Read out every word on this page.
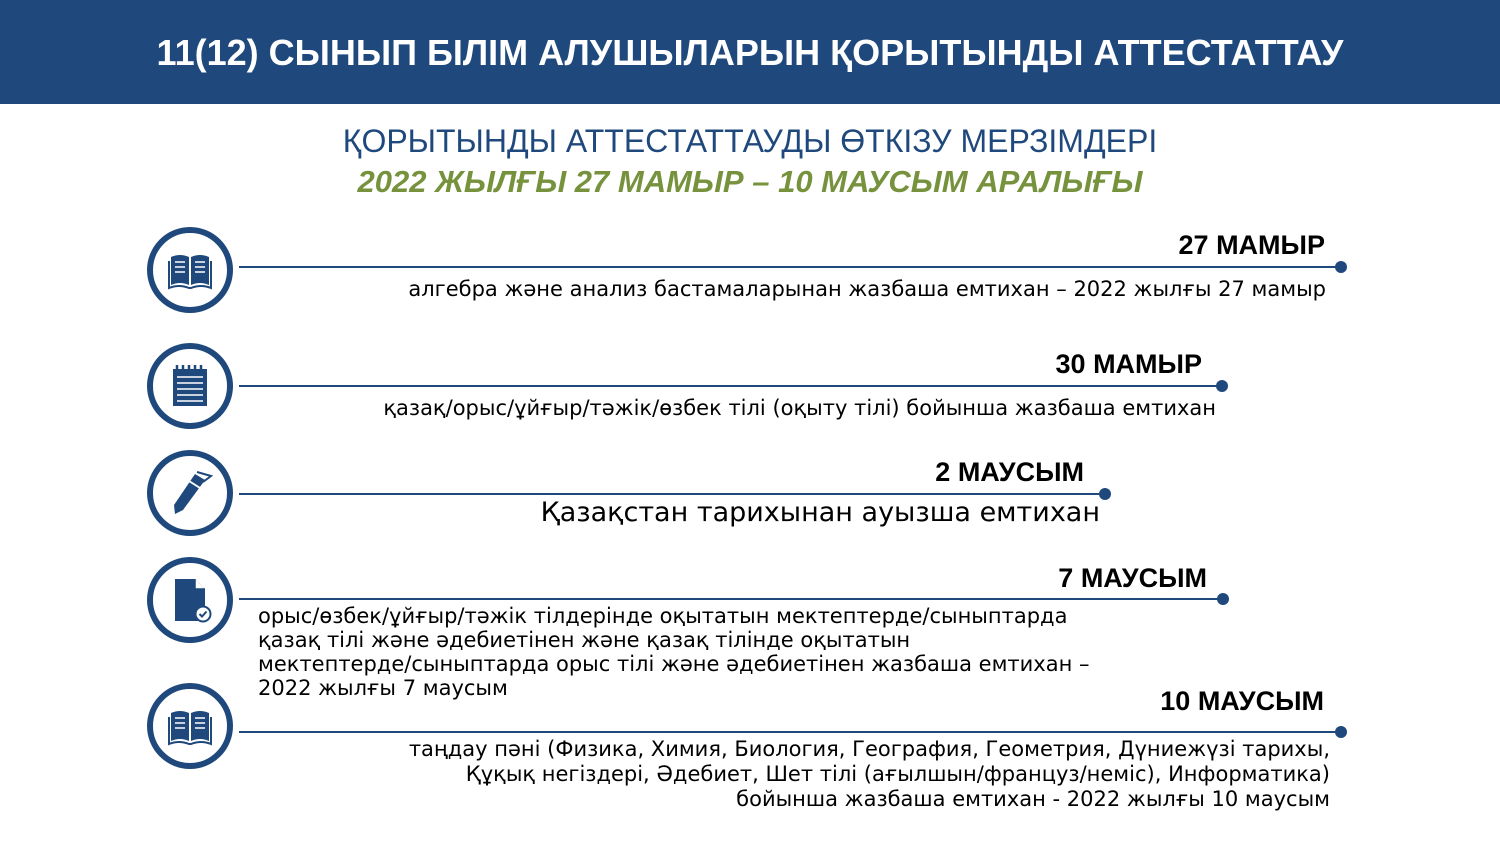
11(12) СЫНЫП БІЛІМ АЛУШЫЛАРЫН ҚОРЫТЫНДЫ АТТЕСТАТТАУ
ҚОРЫТЫНДЫ АТТЕСТАТТАУДЫ ӨТКІЗУ МЕРЗІМДЕРІ
2022 ЖЫЛҒЫ 27 МАМЫР – 10 МАУСЫМ АРАЛЫҒЫ
27 МАМЫР
алгебра және анализ бастамаларынан жазбаша емтихан – 2022 жылғы 27 мамыр
30 МАМЫР
қазақ/орыс/ұйғыр/тәжік/өзбек тілі (оқыту тілі) бойынша жазбаша емтихан
2 МАУСЫМ
Қазақстан тарихынан ауызша емтихан
7 МАУСЫМ
орыс/өзбек/ұйғыр/тәжік тілдерінде оқытатын мектептерде/сыныптарда
қазақ тілі және әдебиетінен және қазақ тілінде оқытатын
мектептерде/сыныптарда орыс тілі және әдебиетінен жазбаша емтихан –
2022 жылғы 7 маусым	10 МАУСЫМ
таңдау пәні (Физика, Химия, Биология, География, Геометрия, Дүниежүзі тарихы,
Құқық негіздері, Әдебиет, Шет тілі (ағылшын/француз/неміс), Информатика)
бойынша жазбаша емтихан - 2022 жылғы 10 маусым
